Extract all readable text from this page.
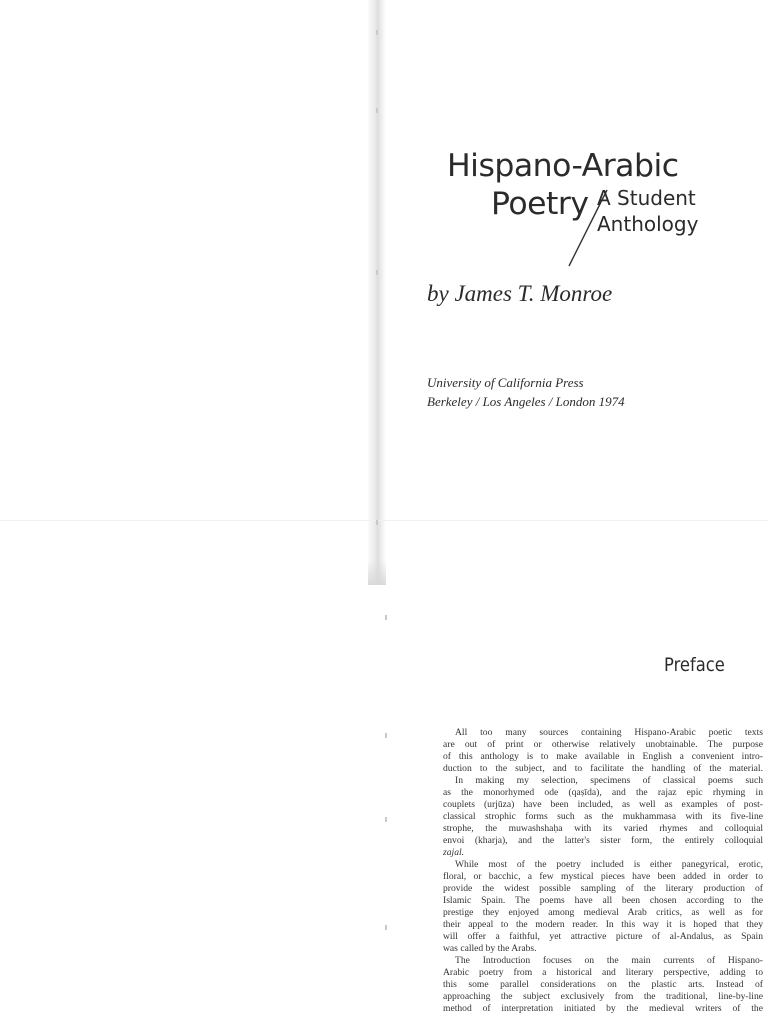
Hispano-Arabic
Poetry A Student
Anthology
by James T. Monroe
University of California Press
Berkeley / Los Angeles / London 1974
Preface
All too many sources containing Hispano-Arabic poetic texts
are out of print or otherwise relatively unobtainable. The purpose
of this anthology is to make available in English a convenient intro-
duction to the subject, and to facilitate the handling of the material.
In making my selection, specimens of classical poems such
as the monorhymed ode (qaṣīda), and the rajaz epic rhyming in
couplets (urjūza) have been included, as well as examples of post-
classical strophic forms such as the mukhammasa with its five-line
strophe, the muwashshaḥa with its varied rhymes and colloquial
envoi (kharja), and the latter's sister form, the entirely colloquial
zajal.
While most of the poetry included is either panegyrical, erotic,
floral, or bacchic, a few mystical pieces have been added in order to
provide the widest possible sampling of the literary production of
Islamic Spain. The poems have all been chosen according to the
prestige they enjoyed among medieval Arab critics, as well as for
their appeal to the modern reader. In this way it is hoped that they
will offer a faithful, yet attractive picture of al-Andalus, as Spain
was called by the Arabs.
The Introduction focuses on the main currents of Hispano-
Arabic poetry from a historical and literary perspective, adding to
this some parallel considerations on the plastic arts. Instead of
approaching the subject exclusively from the traditional, line-by-line
method of interpretation initiated by the medieval writers of the
